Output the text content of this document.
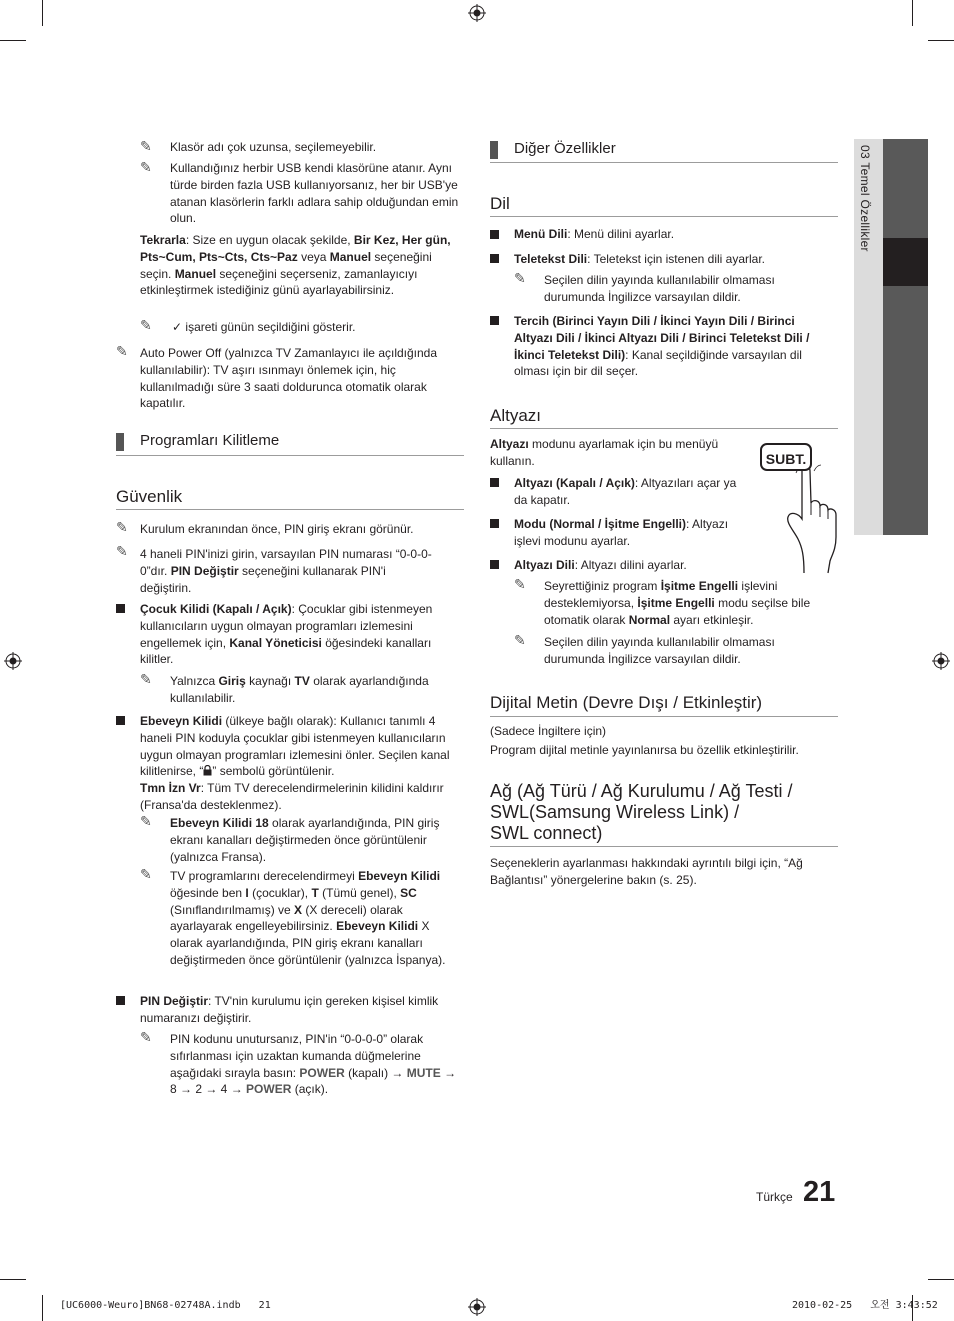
03 Temel Özellikler
✎ Klasör adı çok uzunsa, seçilemeyebilir.
✎ Kullandığınız herbir USB kendi klasörüne atanır. Aynı türde birden fazla USB kullanıyorsanız, her bir USB'ye atanan klasörlerin farklı adlara sahip olduğundan emin olun.
Tekrarla: Size en uygun olacak şekilde, Bir Kez, Her gün, Pts~Cum, Pts~Cts, Cts~Paz veya Manuel seçeneğini seçin. Manuel seçeneğini seçerseniz, zamanlayıcıyı etkinleştirmek istediğiniz günü ayarlayabilirsiniz.
✎ ✓ işareti günün seçildiğini gösterir.
✎ Auto Power Off (yalnızca TV Zamanlayıcı ile açıldığında kullanılabilir): TV aşırı ısınmayı önlemek için, hiç kullanılmadığı süre 3 saati doldurunca otomatik olarak kapatılır.
Programları Kilitleme
Güvenlik
✎ Kurulum ekranından önce, PIN giriş ekranı görünür.
✎ 4 haneli PIN'inizi girin, varsayılan PIN numarası “0-0-0-0”dır. PIN Değiştir seçeneğini kullanarak PIN'i değiştirin.
Çocuk Kilidi (Kapalı / Açık): Çocuklar gibi istenmeyen kullanıcıların uygun olmayan programları izlemesini engellemek için, Kanal Yöneticisi öğesindeki kanalları kilitler.
✎ Yalnızca Giriş kaynağı TV olarak ayarlandığında kullanılabilir.
Ebeveyn Kilidi (ülkeye bağlı olarak): Kullanıcı tanımlı 4 haneli PIN koduyla çocuklar gibi istenmeyen kullanıcıların uygun olmayan programları izlemesini önler. Seçilen kanal kilitlenirse, “ ” sembolü görüntülenir.
Tmn İzn Vr: Tüm TV derecelendirmelerinin kilidini kaldırır (Fransa'da desteklenmez).
✎ Ebeveyn Kilidi 18 olarak ayarlandığında, PIN giriş ekranı kanalları değiştirmeden önce görüntülenir (yalnızca Fransa).
✎ TV programlarını derecelendirmeyi Ebeveyn Kilidi öğesinde ben I (çocuklar), T (Tümü genel), SC (Sınıflandırılmamış) ve X (X dereceli) olarak ayarlayarak engelleyebilirsiniz. Ebeveyn Kilidi X olarak ayarlandığında, PIN giriş ekranı kanalları değiştirmeden önce görüntülenir (yalnızca İspanya).
PIN Değiştir: TV'nin kurulumu için gereken kişisel kimlik numaranızı değiştirir.
✎ PIN kodunu unutursanız, PIN'in “0-0-0-0” olarak sıfırlanması için uzaktan kumanda düğmelerine aşağıdaki sırayla basın: POWER (kapalı) → MUTE → 8 → 2 → 4 → POWER (açık).
Diğer Özellikler
Dil
Menü Dili: Menü dilini ayarlar.
Teletekst Dili: Teletekst için istenen dili ayarlar.
✎ Seçilen dilin yayında kullanılabilir olmaması durumunda İngilizce varsayılan dildir.
Tercih (Birinci Yayın Dili / İkinci Yayın Dili / Birinci Altyazı Dili / İkinci Altyazı Dili / Birinci Teletekst Dili / İkinci Teletekst Dili): Kanal seçildiğinde varsayılan dil olması için bir dil seçer.
Altyazı
Altyazı modunu ayarlamak için bu menüyü kullanın.	SUBT.
Altyazı (Kapalı / Açık): Altyazıları açar ya da kapatır.
Modu (Normal / İşitme Engelli): Altyazı işlevi modunu ayarlar.
Altyazı Dili: Altyazı dilini ayarlar.
✎ Seyrettiğiniz program İşitme Engelli işlevini desteklemiyorsa, İşitme Engelli modu seçilse bile otomatik olarak Normal ayarı etkinleşir.
✎ Seçilen dilin yayında kullanılabilir olmaması durumunda İngilizce varsayılan dildir.
Dijital Metin (Devre Dışı / Etkinleştir)
(Sadece İngiltere için)
Program dijital metinle yayınlanırsa bu özellik etkinleştirilir.
Ağ (Ağ Türü / Ağ Kurulumu / Ağ Testi /
SWL(Samsung Wireless Link) /
SWL connect)
Seçeneklerin ayarlanması hakkındaki ayrıntılı bilgi için, “Ağ Bağlantısı” yönergelerine bakın (s. 25).
Türkçe 21
[UC6000-Weuro]BN68-02748A.indb   21	2010-02-25   오전 3:43:52
